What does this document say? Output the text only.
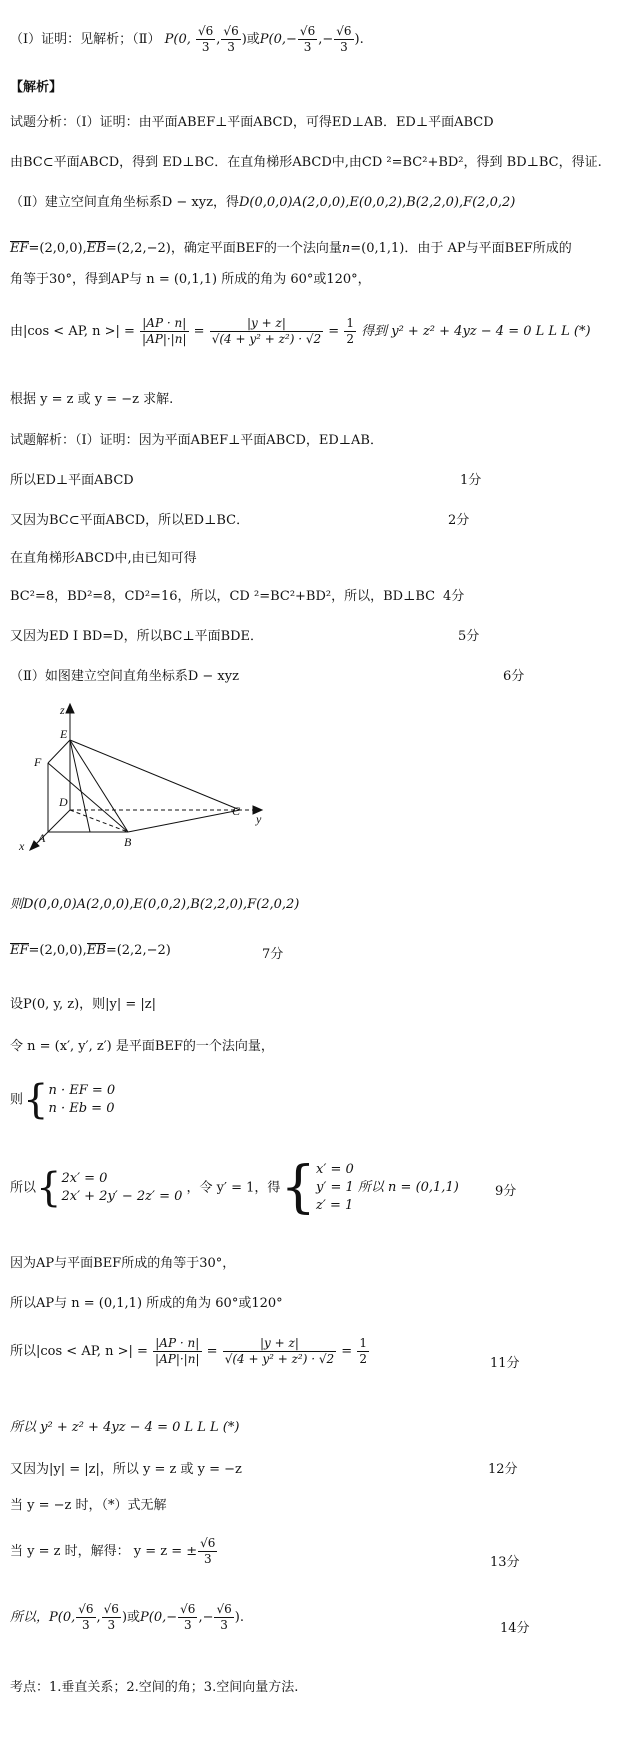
（Ⅰ）证明：见解析；（Ⅱ） P(0, $\frac{√6}{3}$ , $\frac{√6}{3}$ )或$P(0,- \frac{√6}{3}$ ,− $\frac{√6}{3}$ ).
【解析】
试题分析：（Ⅰ）证明：由平面ABEF⊥平面ABCD，可得ED⊥AB．ED⊥平面ABCD
由BC⊂平面ABCD，得到 ED⊥BC．在直角梯形ABCD中,由CD ²=BC²+BD²，得到 BD⊥BC，得证.
（Ⅱ）建立空间直角坐标系D − xyz，得D(0,0,0)A(2,0,0),E(0,0,2),B(2,2,0),F(2,0,2)
EF=(2,0,0),EB=(2,2,−2)，确定平面BEF的一个法向量n=(0,1,1)．由于 AP与平面BEF所成的
角等于30°，得到AP与 n = (0,1,1) 所成的角为 60°或120°，
由|cos < AP, n >| = $\frac{|AP \cdot n|}{|AP|\cdot|n|} = \frac{|y + z|}{\text{√(4 + y² + z²) · √2}} = \frac{1}{2}$ 得到 y² + z² + 4yz − 4 = 0 L L L (*)
根据 y = z 或 y = −z 求解.
试题解析：（Ⅰ）证明：因为平面ABEF⊥平面ABCD，ED⊥AB．
所以ED⊥平面ABCD	1分
又因为BC⊂平面ABCD，所以ED⊥BC．	2分
在直角梯形ABCD中,由已知可得
BC²=8，BD²=8，CD²=16，所以，CD ²=BC²+BD²，所以，BD⊥BC 4分
又因为ED I BD=D，所以BC⊥平面BDE．	5分
（Ⅱ）如图建立空间直角坐标系D − xyz	6分
z
E
F
D
C
y
x
A	B
则D(0,0,0)A(2,0,0),E(0,0,2),B(2,2,0),F(2,0,2)
EF=(2,0,0),EB=(2,2,−2)	7分
设P(0, y, z)，则|y| = |z|
令 n = (x′, y′, z′) 是平面BEF的一个法向量，
则{ n · EF = 0
n · Eb = 0
所以{ 2x′ = 0
2x′ + 2y′ − 2z′ = 0
，令 y′ = 1，得{ x′ = 0
y′ = 1 所以 n = (0,1,1)
z′ = 1
9分
因为AP与平面BEF所成的角等于30°，
所以AP与 n = (0,1,1) 所成的角为 60°或120°
所以|cos < AP, n >| = $\frac{|AP \cdot n|}{|AP|\cdot|n|} = \frac{|y + z|}{\text{√(4 + y² + z²) · √2}} = \frac{1}{2}$	11分
所以 y² + z² + 4yz − 4 = 0 L L L (*)
又因为|y| = |z|，所以 y = z 或 y = −z	12分
当 y = −z 时，（*）式无解
当 y = z 时，解得： y = z = ± $\frac{√6}{3}$	13分
所以，P(0, $\frac{√6}{3}$ , $\frac{√6}{3}$ )或$P(0,- \frac{√6}{3}$ ,− $\frac{√6}{3}$ ).
14分
考点：1.垂直关系；2.空间的角；3.空间向量方法.
